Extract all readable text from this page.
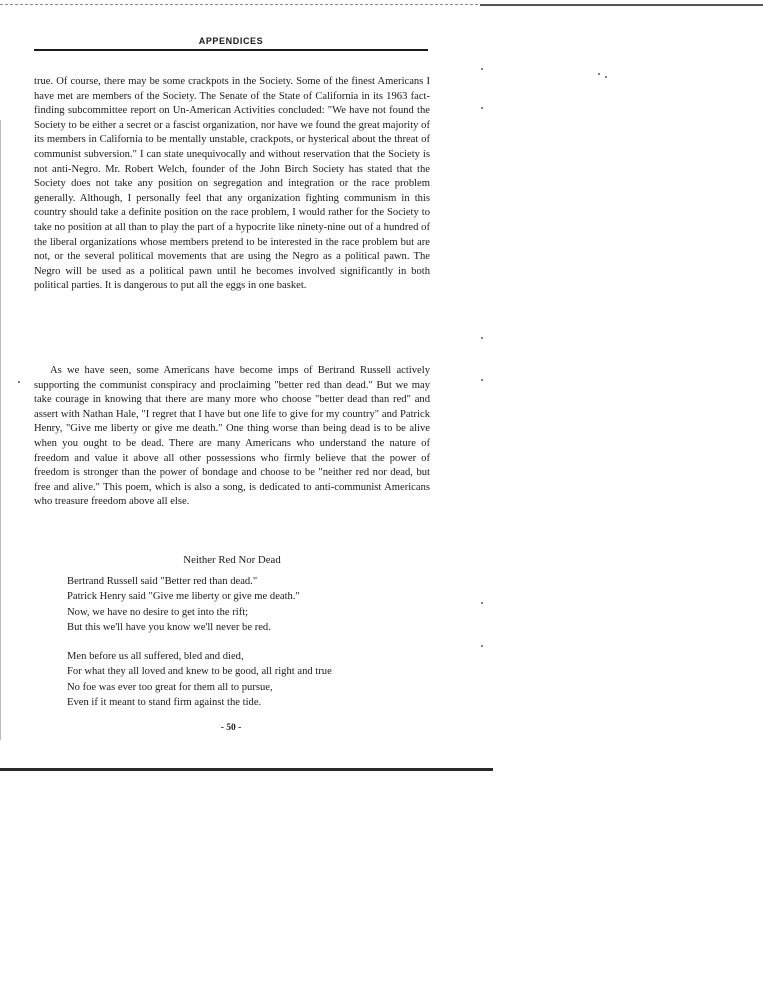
APPENDICES

true. Of course, there may be some crackpots in the Society. Some of the finest Americans I have met are members of the Society. The Senate of the State of California in its 1963 fact-finding subcommittee report on Un-American Activities concluded: "We have not found the Society to be either a secret or a fascist organization, nor have we found the great majority of its members in California to be mentally unstable, crackpots, or hysterical about the threat of communist subversion." I can state unequivocally and without reservation that the Society is not anti-Negro. Mr. Robert Welch, founder of the John Birch Society has stated that the Society does not take any position on segregation and integration or the race problem generally. Although, I personally feel that any organization fighting communism in this country should take a definite position on the race problem, I would rather for the Society to take no position at all than to play the part of a hypocrite like ninety-nine out of a hundred of the liberal organizations whose members pretend to be interested in the race problem but are not, or the several political movements that are using the Negro as a political pawn. The Negro will be used as a political pawn until he becomes involved significantly in both political parties. It is dangerous to put all the eggs in one basket.

As we have seen, some Americans have become imps of Bertrand Russell actively supporting the communist conspiracy and proclaiming "better red than dead." But we may take courage in knowing that there are many more who choose "better dead than red" and assert with Nathan Hale, "I regret that I have but one life to give for my country" and Patrick Henry, "Give me liberty or give me death." One thing worse than being dead is to be alive when you ought to be dead. There are many Americans who understand the nature of freedom and value it above all other possessions who firmly believe that the power of freedom is stronger than the power of bondage and choose to be "neither red nor dead, but free and alive." This poem, which is also a song, is dedicated to anti-communist Americans who treasure freedom above all else.

Neither Red Nor Dead
Bertrand Russell said "Better red than dead."
Patrick Henry said "Give me liberty or give me death."
Now, we have no desire to get into the rift;
But this we'll have you know we'll never be red.
Men before us all suffered, bled and died,
For what they all loved and knew to be good, all right and true
No foe was ever too great for them all to pursue,
Even if it meant to stand firm against the tide.
- 50 -
